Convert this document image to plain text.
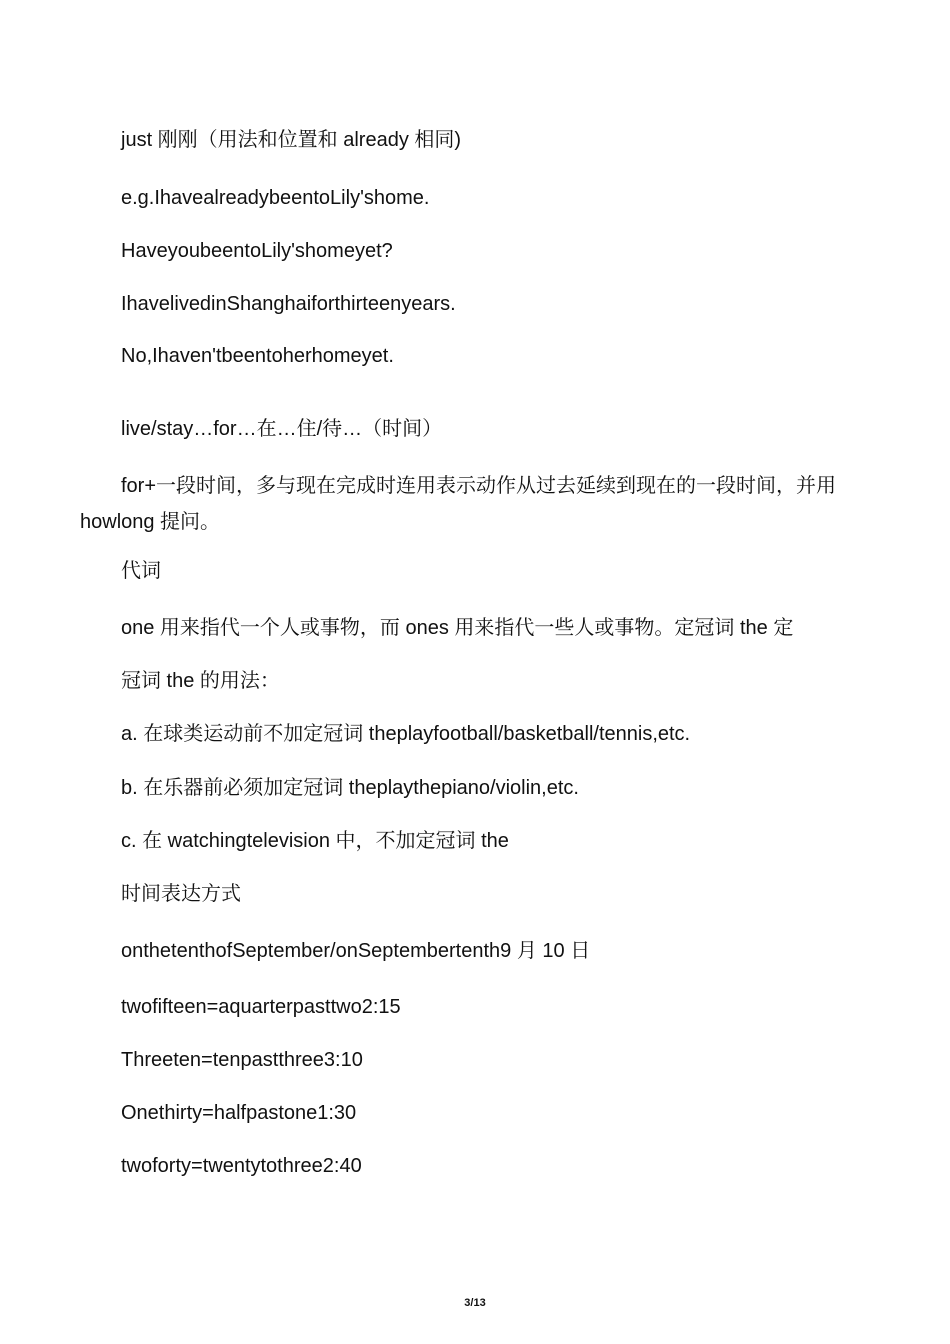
just 刚刚（用法和位置和 already 相同)
e.g.IhavealreadybeentoLily'shome.
HaveyoubeentoLily'shomeyet?
IhavelivedinShanghaiforthirteenyears.
No,Ihaven'tbeentoherhomeyet.
live/stay…for…在…住/待…（时间）
for+一段时间，多与现在完成时连用表示动作从过去延续到现在的一段时间，并用 howlong 提问。
代词
one 用来指代一个人或事物，而 ones 用来指代一些人或事物。定冠词 the 定
冠词 the 的用法：
a. 在球类运动前不加定冠词 theplayfootball/basketball/tennis,etc.
b. 在乐器前必须加定冠词 theplaythepiano/violin,etc.
c. 在 watchingtelevision 中，不加定冠词 the
时间表达方式
onthetenthofSeptember/onSeptembertenth9 月 10 日
twofifteen=aquarterpasttwo2:15
Threeten=tenpastthree3:10
Onethirty=halfpastone1:30
twoforty=twentytothree2:40
3/13
